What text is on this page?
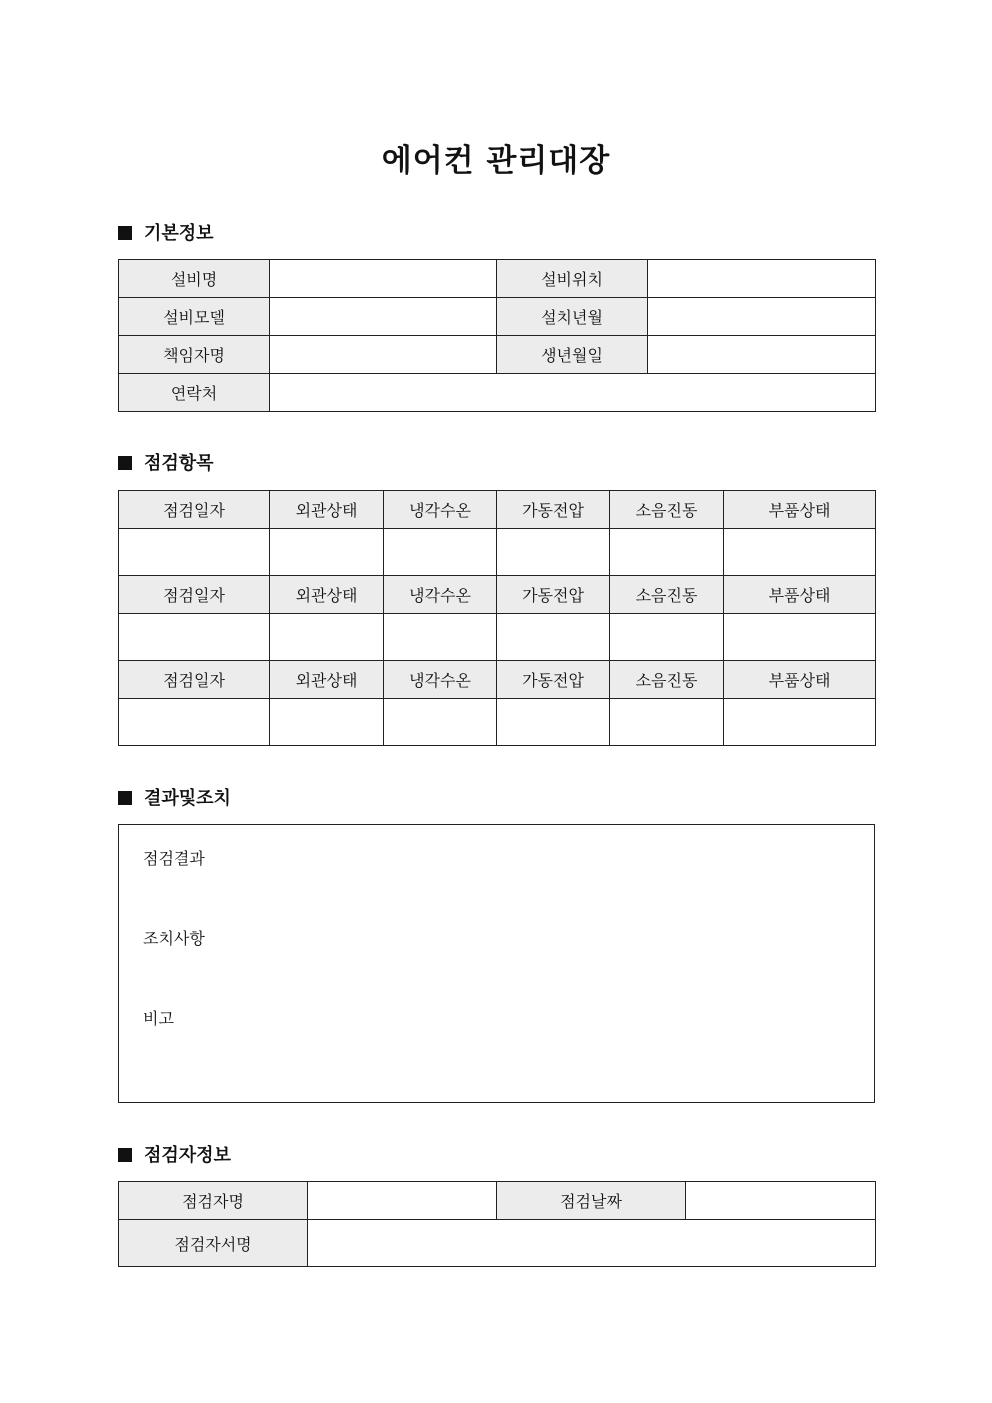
에어컨 관리대장
기본정보
설비명		설비위치	
설비모델		설치년월	
책임자명		생년월일	
연락처			
점검항목
점검일자	외관상태	냉각수온	가동전압	소음진동	부품상태

점검일자	외관상태	냉각수온	가동전압	소음진동	부품상태

점검일자	외관상태	냉각수온	가동전압	소음진동	부품상태

결과및조치
점검결과
조치사항
비고
점검자정보
점검자명		점검날짜	
점검자서명			
